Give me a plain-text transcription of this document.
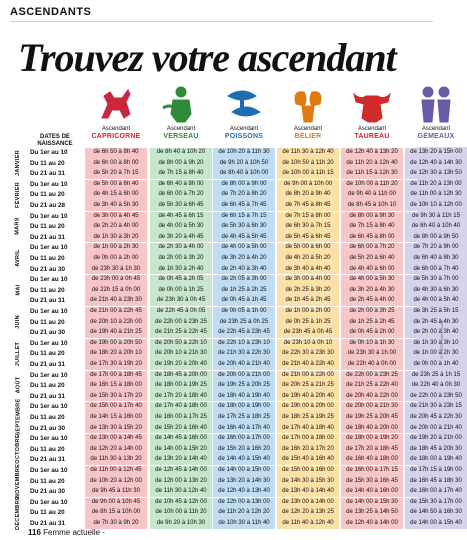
ASCENDANTS
Trouvez votre ascendant
DATES DE NAISSANCE
Ascendant
CAPRICORNE
Ascendant
VERSEAU
Ascendant
POISSONS
Ascendant
BÉLIER
Ascendant
TAUREAU
Ascendant
GÉMEAUX
JANVIER Du 1er au 10	de 6h 50 à 8h 40	de 8h 40 à 10h 20	de 10h 20 à 11h 30	de 11h 30 à 12h 40	de 12h 40 à 13h 20	de 13h 20 à 15h 00
Du 11 au 20	de 6h 00 à 8h 00	de 8h 00 à 9h 20	de 9h 20 à 10h 50	de 10h 50 à 11h 20	de 11h 20 à 12h 40	de 12h 40 à 14h 30
Du 21 au 31	de 5h 20 à 7h 15	de 7h 15 à 8h 40	de 8h 40 à 10h 00	de 10h 00 à 11h 15	de 11h 15 à 12h 30	de 12h 30 à 13h 50
FÉVRIER Du 1er au 10	de 5h 00 à 6h 40	de 6h 40 à 8h 00	de 8h 00 à 9h 00	de 9h 00 à 10h 00	de 10h 00 à 11h 20	de 11h 20 à 13h 00
Du 11 au 20	de 4h 15 à 6h 00	de 6h 00 à 7h 20	de 7h 20 à 8h 20	de 8h 20 à 9h 40	de 9h 40 à 11h 00	de 11h 00 à 12h 30
Du 21 au 28	de 3h 40 à 5h 30	de 5h 30 à 6h 45	de 6h 45 à 7h 45	de 7h 45 à 8h 45	de 8h 45 à 10h 10	de 10h 10 à 12h 00
MARS
Du 1er au 10	de 3h 00 à 4h 45	de 4h 45 à 6h 15	de 6h 15 à 7h 15	de 7h 15 à 8h 00	de 8h 00 à 9h 30	de 9h 30 à 11h 15
Du 11 au 20	de 2h 20 à 4h 00	de 4h 00 à 5h 30	de 5h 30 à 6h 30	de 6h 30 à 7h 15	de 7h 15 à 8h 40	de 8h 40 à 10h 40
Du 21 au 31	de 1h 30 à 3h 20	de 3h 20 à 4h 45	de 4h 45 à 5h 45	de 5h 45 à 6h 45	de 6h 45 à 8h 00	de 8h 00 à 9h 50
AVRIL
Du 1er au 10	de 1h 00 à 2h 30	de 2h 30 à 4h 00	de 4h 00 à 5h 00	de 5h 00 à 6h 00	de 6h 00 à 7h 20	de 7h 20 à 9h 00
Du 11 au 20	de 0h 00 à 2h 00	de 2h 00 à 3h 20	de 3h 20 à 4h 20	de 4h 20 à 5h 20	de 5h 20 à 6h 40	de 6h 40 à 8h 30
Du 21 au 30	de 23h 30 à 1h 30	de 1h 30 à 2h 40	de 2h 40 à 3h 40	de 3h 40 à 4h 40	de 4h 40 à 6h 00	de 6h 00 à 7h 40
MAI
Du 1er au 10	de 23h 00 à 0h 45	de 0h 45 à 2h 05	de 2h 05 à 3h 00	de 3h 00 à 4h 00	de 4h 00 à 5h 30	de 5h 30 à 7h 00
Du 11 au 20	de 22h 15 à 0h 00	de 0h 00 à 1h 25	de 1h 25 à 2h 25	de 2h 25 à 3h 20	de 3h 20 à 4h 30	de 4h 30 à 6h 30
Du 21 au 31	de 21h 40 à 23h 30	de 23h 30 à 0h 45	de 0h 45 à 1h 45	de 1h 45 à 2h 45	de 2h 45 à 4h 00	de 4h 00 à 5h 40
JUIN
Du 1er au 10	de 21h 00 à 22h 45	de 22h 45 à 0h 05	de 0h 05 à 1h 00	de 1h 00 à 2h 00	de 2h 00 à 3h 25	de 3h 25 à 5h 15
Du 11 au 20	de 20h 10 à 22h 00	de 22h 00 à 23h 25	de 23h 25 à 0h 25	de 0h 25 à 1h 25	de 1h 25 à 2h 45	de 2h 45 à 4h 30
Du 21 au 30	de 19h 40 à 21h 25	de 21h 25 à 22h 45	de 22h 45 à 23h 45	de 23h 45 à 0h 45	de 0h 45 à 2h 00	de 2h 00 à 3h 40
JUILLET Du 1er au 10	de 19h 00 à 20h 50	de 20h 50 à 22h 10	de 22h 10 à 23h 10	de 23h 10 à 0h 10	de 0h 10 à 1h 30	de 1h 30 à 3h 10
Du 11 au 20	de 18h 20 à 20h 10	de 20h 10 à 21h 30	de 21h 30 à 22h 30	de 22h 30 à 23h 30	de 23h 30 à 1h 00	de 1h 00 à 2h 30
Du 21 au 31	de 17h 30 à 19h 20	de 19h 20 à 20h 40	de 20h 40 à 21h 40	de 21h 40 à 22h 40	de 22h 40 à 0h 00	de 0h 00 à 1h 40
AOÛT
Du 1er au 10	de 17h 00 à 18h 45	de 18h 45 à 20h 00	de 20h 00 à 21h 00	de 21h 00 à 22h 00	de 22h 00 à 23h 25	de 23h 25 à 1h 15
Du 11 au 20	de 16h 15 à 18h 00	de 18h 00 à 19h 25	de 19h 25 à 20h 25	de 20h 25 à 21h 25	de 21h 25 à 22h 40	de 22h 40 à 0h 30
Du 21 au 31	de 15h 30 à 17h 20	de 17h 20 à 18h 40	de 18h 40 à 19h 40	de 19h 40 à 20h 40	de 20h 40 à 22h 00	de 22h 00 à 23h 50
SEPTEMBRE Du 1er au 10	de 15h 00 à 17h 40	de 17h 40 à 18h 00	de 18h 00 à 19h 00	de 19h 00 à 20h 00	de 20h 00 à 21h 30	de 21h 30 à 23h 15
Du 11 au 20	de 14h 15 à 16h 00	de 16h 00 à 17h 25	de 17h 25 à 18h 25	de 18h 25 à 19h 25	de 19h 25 à 20h 45	de 20h 45 à 22h 30
Du 21 au 30	de 13h 30 à 15h 20	de 15h 20 à 16h 40	de 16h 40 à 17h 40	de 17h 40 à 18h 40	de 18h 40 à 20h 00	de 20h 00 à 21h 40
OCTOBRE Du 1er au 10	de 13h 00 à 14h 45	de 14h 45 à 16h 00	de 16h 00 à 17h 00	de 17h 00 à 18h 00	de 18h 00 à 19h 20	de 19h 20 à 21h 00
Du 11 au 20	de 12h 20 à 14h 00	de 14h 00 à 15h 20	de 15h 20 à 16h 20	de 16h 20 à 17h 20	de 17h 20 à 18h 45	de 18h 45 à 20h 30
Du 21 au 31	de 11h 30 à 13h 20	de 13h 20 à 14h 40	de 14h 40 à 15h 40	de 15h 40 à 16h 40	de 16h 40 à 18h 00	de 18h 00 à 19h 40
NOVEMBRE Du 1er au 10	de 11h 00 à 12h 45	de 12h 45 à 14h 00	de 14h 00 à 15h 00	de 15h 00 à 16h 00	de 16h 00 à 17h 15	de 17h 15 à 19h 00
Du 11 au 20	de 10h 20 à 12h 00	de 12h 00 à 13h 20	de 13h 20 à 14h 30	de 14h 30 à 15h 30	de 15h 30 à 16h 45	de 16h 45 à 18h 30
Du 21 au 30	de 9h 45 à 11h 30	de 11h 30 à 12h 40	de 12h 40 à 13h 40	de 13h 40 à 14h 40	de 14h 40 à 16h 00	de 16h 00 à 17h 40
DÉCEMBRE Du 1er au 10	de 9h 00 à 10h 45	de 10h 45 à 12h 00	de 12h 00 à 13h 00	de 13h 00 à 14h 00	de 14h 00 à 15h 30	de 15h 30 à 17h 00
Du 11 au 20	de 8h 15 à 10h 00	de 10h 00 à 11h 20	de 11h 20 à 12h 20	de 12h 20 à 13h 25	de 13h 25 à 14h 50	de 14h 50 à 16h 30
Du 21 au 31	de 7h 30 à 9h 20	de 9h 20 à 10h 30	de 10h 30 à 11h 40	de 11h 40 à 12h 40	de 12h 40 à 14h 00	de 14h 00 à 15h 40
© LIBEO Natal Studio
116 Femme actuelle -
